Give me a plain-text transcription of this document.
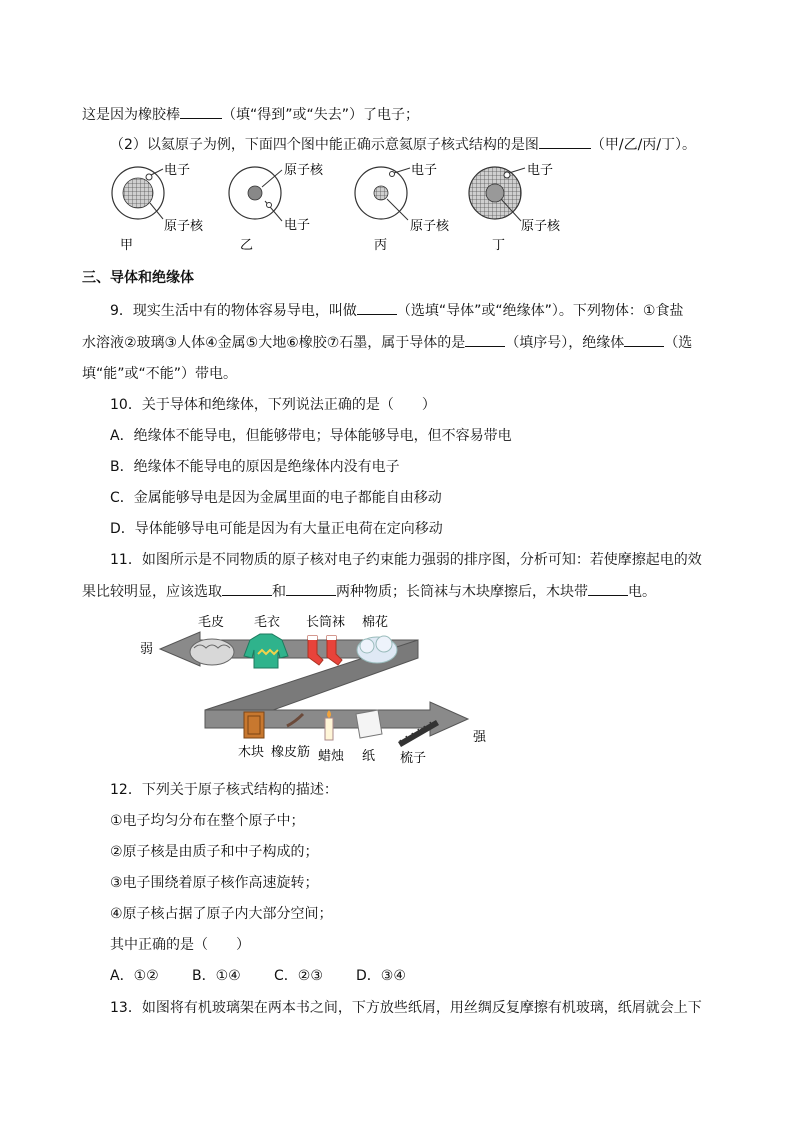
这是因为橡胶棒	（填“得到”或“失去”）了电子；
（2）以氦原子为例，下面四个图中能正确示意氦原子核式结构的是图	（甲/乙/丙/丁）。
电子
原子核
甲
原子核
电子
乙
电子
原子核
丙
电子
原子核
丁
三、导体和绝缘体
9．现实生活中有的物体容易导电，叫做	（选填“导体”或“绝缘体”）。下列物体：①食盐
水溶液②玻璃③人体④金属⑤大地⑥橡胶⑦石墨，属于导体的是	（填序号），绝缘体	（选
填“能”或“不能”）带电。
10．关于导体和绝缘体，下列说法正确的是（　　）
A．绝缘体不能导电，但能够带电；导体能够导电，但不容易带电
B．绝缘体不能导电的原因是绝缘体内没有电子
C．金属能够导电是因为金属里面的电子都能自由移动
D．导体能够导电可能是因为有大量正电荷在定向移动
11．如图所示是不同物质的原子核对电子约束能力强弱的排序图，分析可知：若使摩擦起电的效
果比较明显，应该选取	和	两种物质；长筒袜与木块摩擦后，木块带	电。
弱
强
毛皮 毛衣 长筒袜 棉花
木块 橡皮筋 蜡烛 纸 梳子
12．下列关于原子核式结构的描述：
①电子均匀分布在整个原子中；
②原子核是由质子和中子构成的；
③电子围绕着原子核作高速旋转；
④原子核占据了原子内大部分空间；
其中正确的是（　　）
A．①② B．①④ C．②③ D．③④
13．如图将有机玻璃架在两本书之间，下方放些纸屑，用丝绸反复摩擦有机玻璃，纸屑就会上下
